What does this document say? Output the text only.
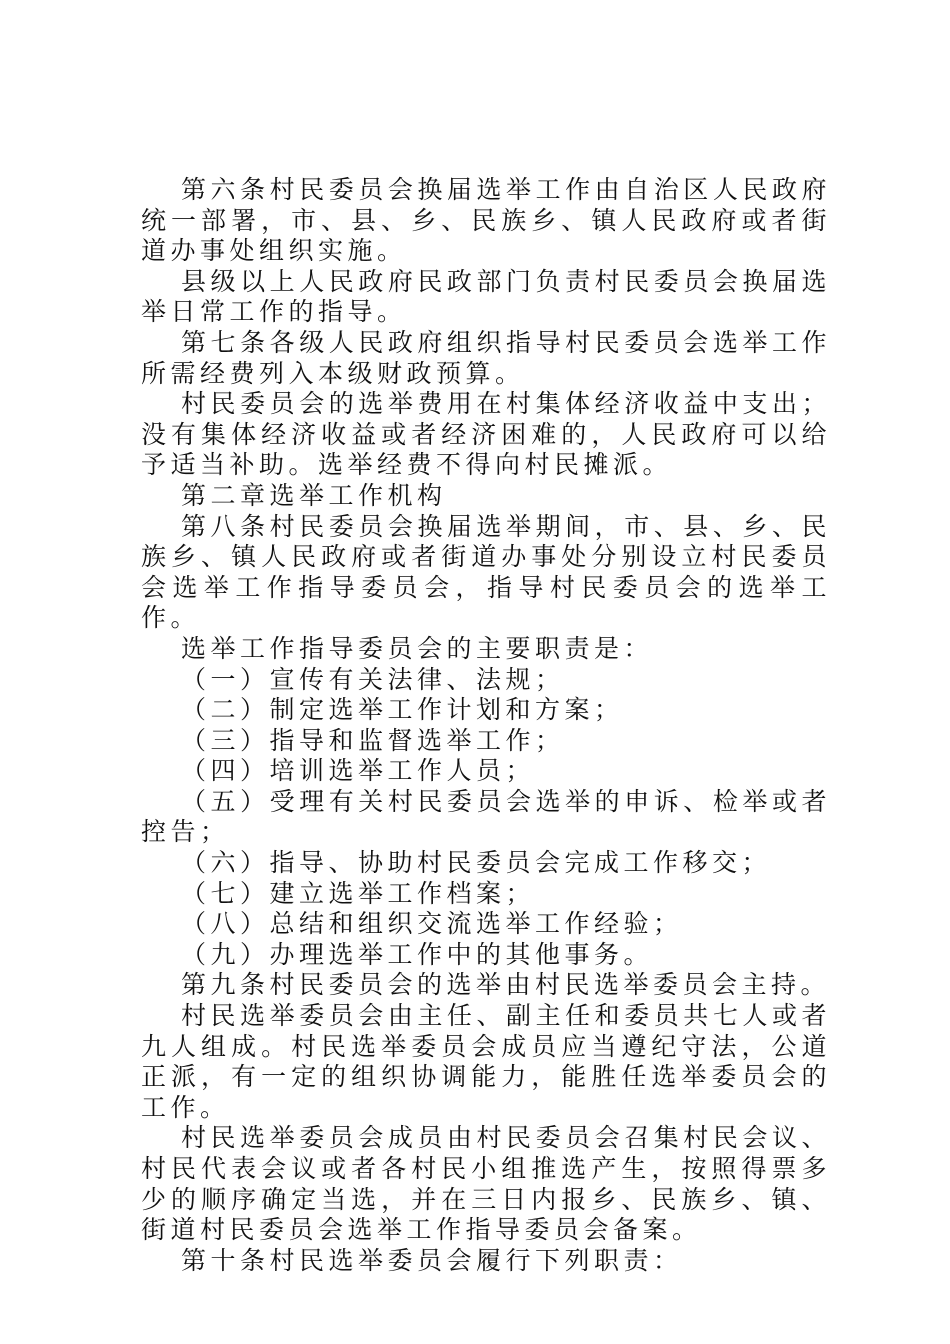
第六条村民委员会换届选举工作由自治区人民政府统一部署，市、县、乡、民族乡、镇人民政府或者街道办事处组织实施。

县级以上人民政府民政部门负责村民委员会换届选举日常工作的指导。

第七条各级人民政府组织指导村民委员会选举工作所需经费列入本级财政预算。

村民委员会的选举费用在村集体经济收益中支出；没有集体经济收益或者经济困难的，人民政府可以给予适当补助。选举经费不得向村民摊派。

第二章选举工作机构

第八条村民委员会换届选举期间，市、县、乡、民族乡、镇人民政府或者街道办事处分别设立村民委员会选举工作指导委员会，指导村民委员会的选举工作。

选举工作指导委员会的主要职责是：

（一）宣传有关法律、法规；

（二）制定选举工作计划和方案；

（三）指导和监督选举工作；

（四）培训选举工作人员；

（五）受理有关村民委员会选举的申诉、检举或者控告；

（六）指导、协助村民委员会完成工作移交；

（七）建立选举工作档案；

（八）总结和组织交流选举工作经验；

（九）办理选举工作中的其他事务。

第九条村民委员会的选举由村民选举委员会主持。

村民选举委员会由主任、副主任和委员共七人或者九人组成。村民选举委员会成员应当遵纪守法，公道正派，有一定的组织协调能力，能胜任选举委员会的工作。

村民选举委员会成员由村民委员会召集村民会议、村民代表会议或者各村民小组推选产生，按照得票多少的顺序确定当选，并在三日内报乡、民族乡、镇、街道村民委员会选举工作指导委员会备案。

第十条村民选举委员会履行下列职责：
